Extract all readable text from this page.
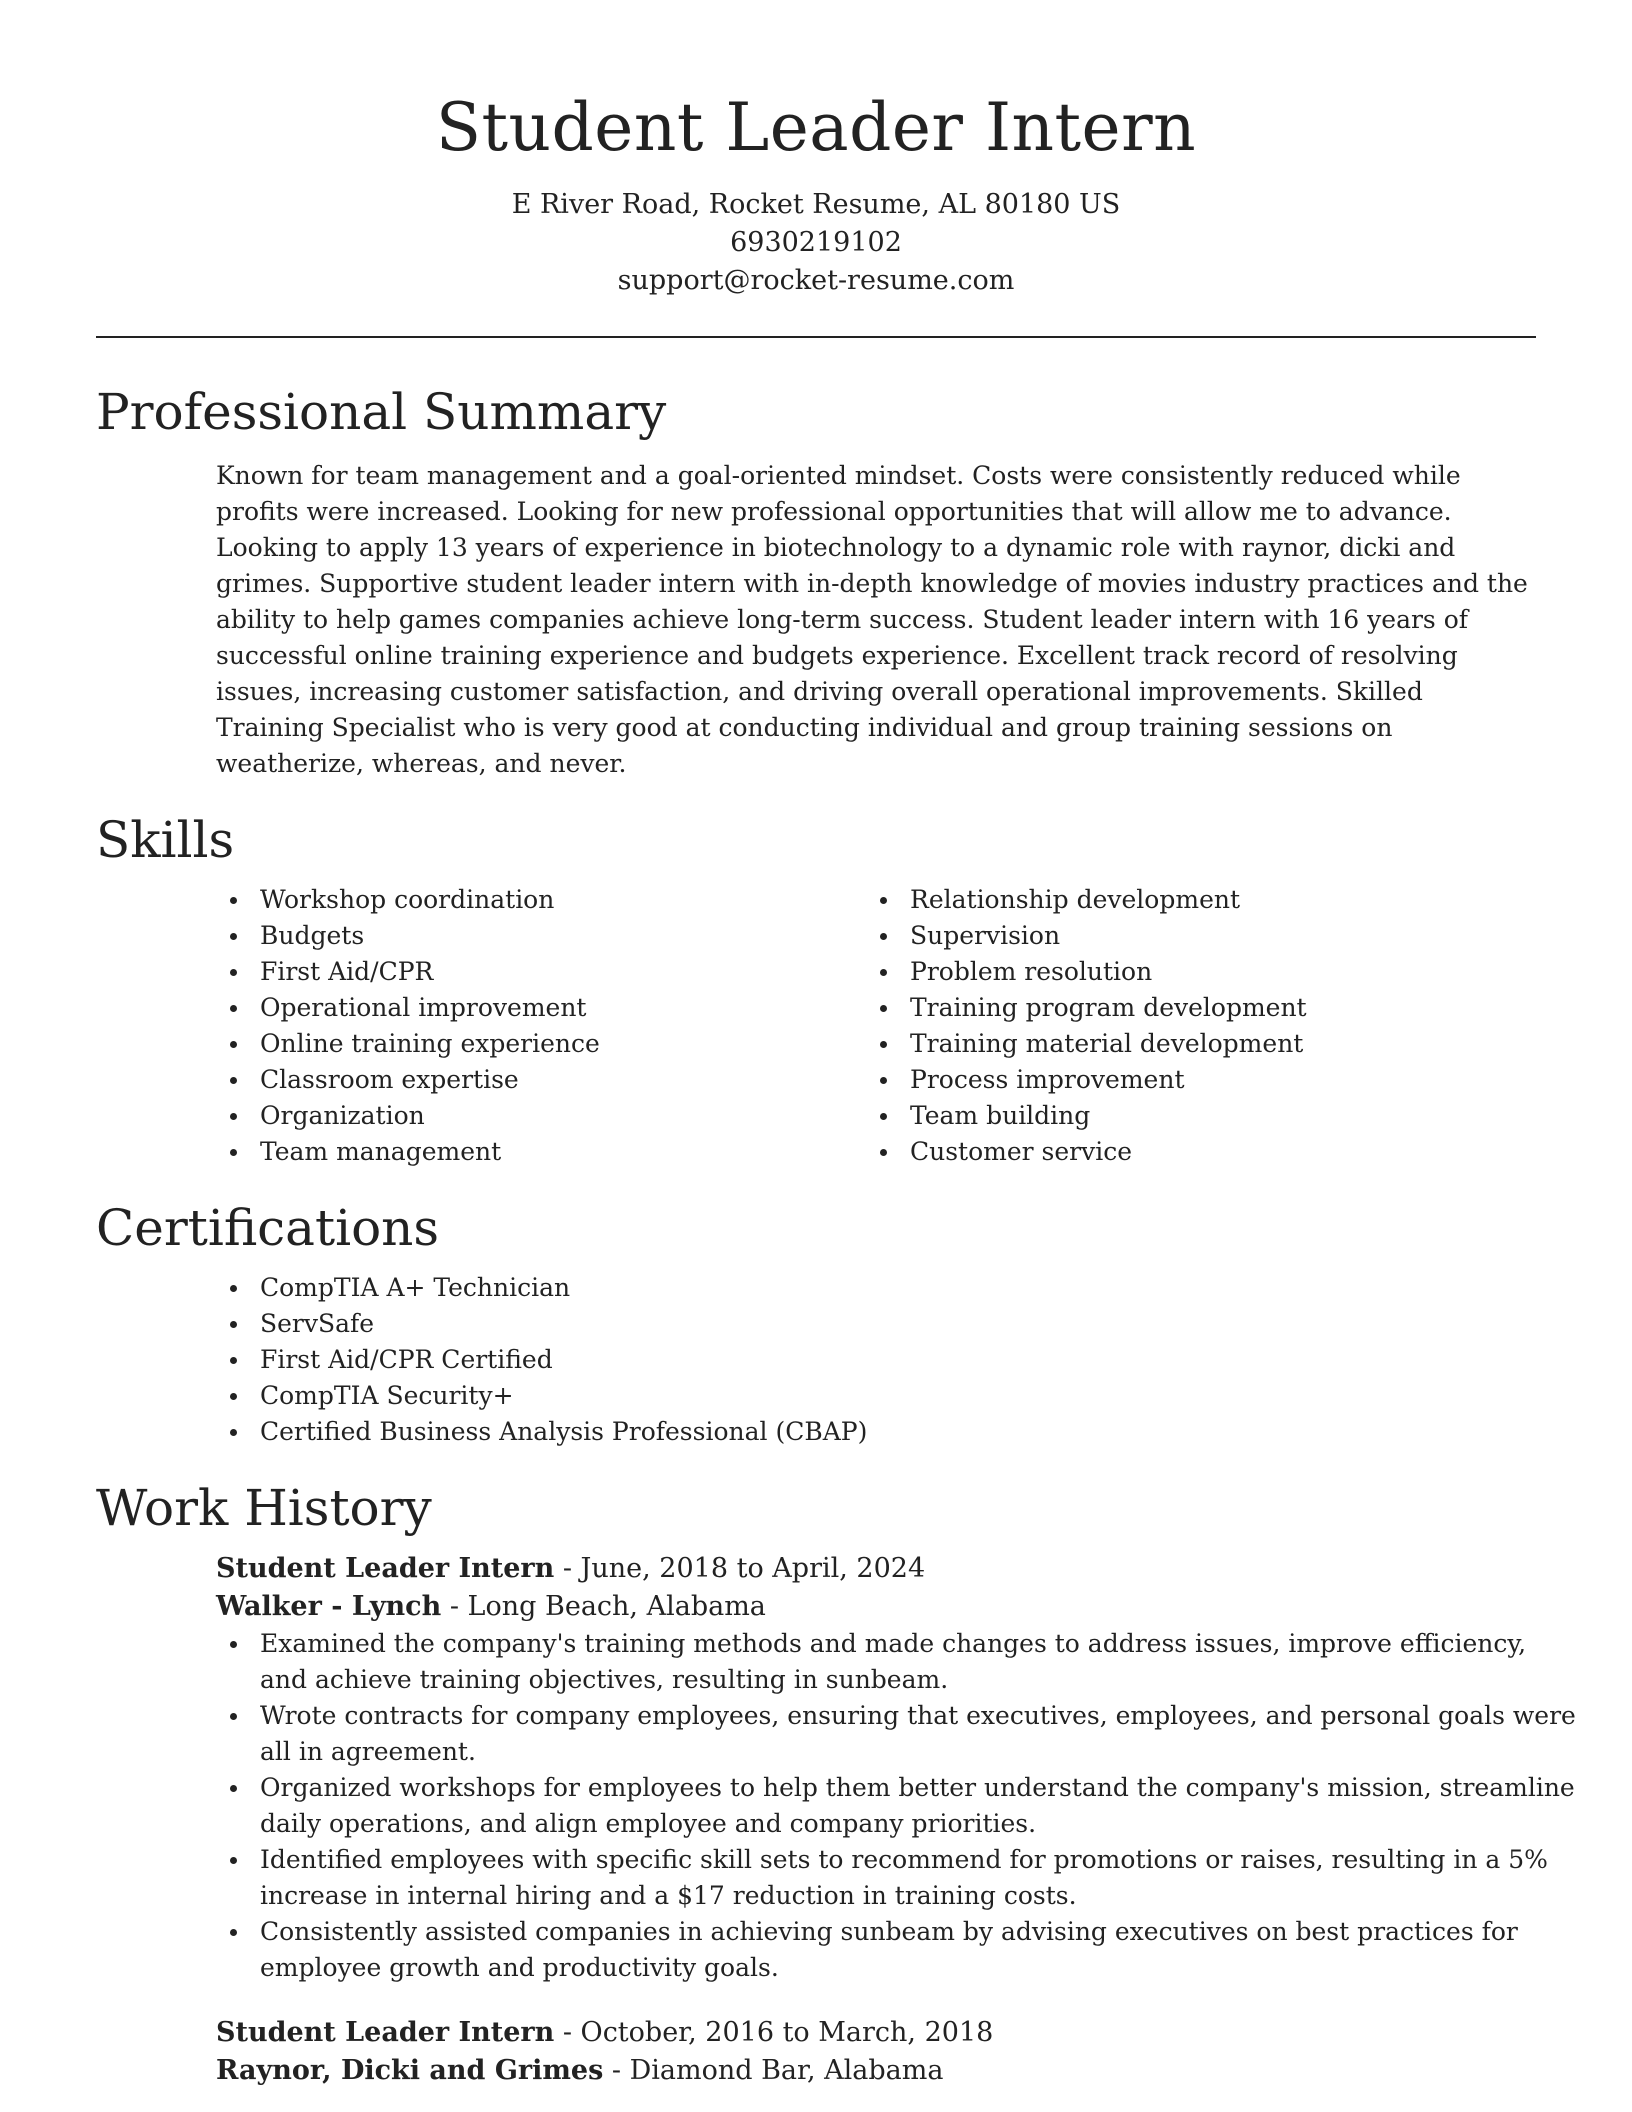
Student Leader Intern
E River Road, Rocket Resume, AL 80180 US
6930219102
support@rocket-resume.com
Professional Summary
Known for team management and a goal-oriented mindset. Costs were consistently reduced while profits were increased. Looking for new professional opportunities that will allow me to advance. Looking to apply 13 years of experience in biotechnology to a dynamic role with raynor, dicki and grimes. Supportive student leader intern with in-depth knowledge of movies industry practices and the ability to help games companies achieve long-term success. Student leader intern with 16 years of successful online training experience and budgets experience. Excellent track record of resolving issues, increasing customer satisfaction, and driving overall operational improvements. Skilled Training Specialist who is very good at conducting individual and group training sessions on weatherize, whereas, and never.
Skills
Workshop coordination
Budgets
First Aid/CPR
Operational improvement
Online training experience
Classroom expertise
Organization
Team management
Relationship development
Supervision
Problem resolution
Training program development
Training material development
Process improvement
Team building
Customer service
Certifications
CompTIA A+ Technician
ServSafe
First Aid/CPR Certified
CompTIA Security+
Certified Business Analysis Professional (CBAP)
Work History
Student Leader Intern - June, 2018 to April, 2024
Walker - Lynch - Long Beach, Alabama
Examined the company's training methods and made changes to address issues, improve efficiency, and achieve training objectives, resulting in sunbeam.
Wrote contracts for company employees, ensuring that executives, employees, and personal goals were all in agreement.
Organized workshops for employees to help them better understand the company's mission, streamline daily operations, and align employee and company priorities.
Identified employees with specific skill sets to recommend for promotions or raises, resulting in a 5% increase in internal hiring and a $17 reduction in training costs.
Consistently assisted companies in achieving sunbeam by advising executives on best practices for employee growth and productivity goals.
Student Leader Intern - October, 2016 to March, 2018
Raynor, Dicki and Grimes - Diamond Bar, Alabama
